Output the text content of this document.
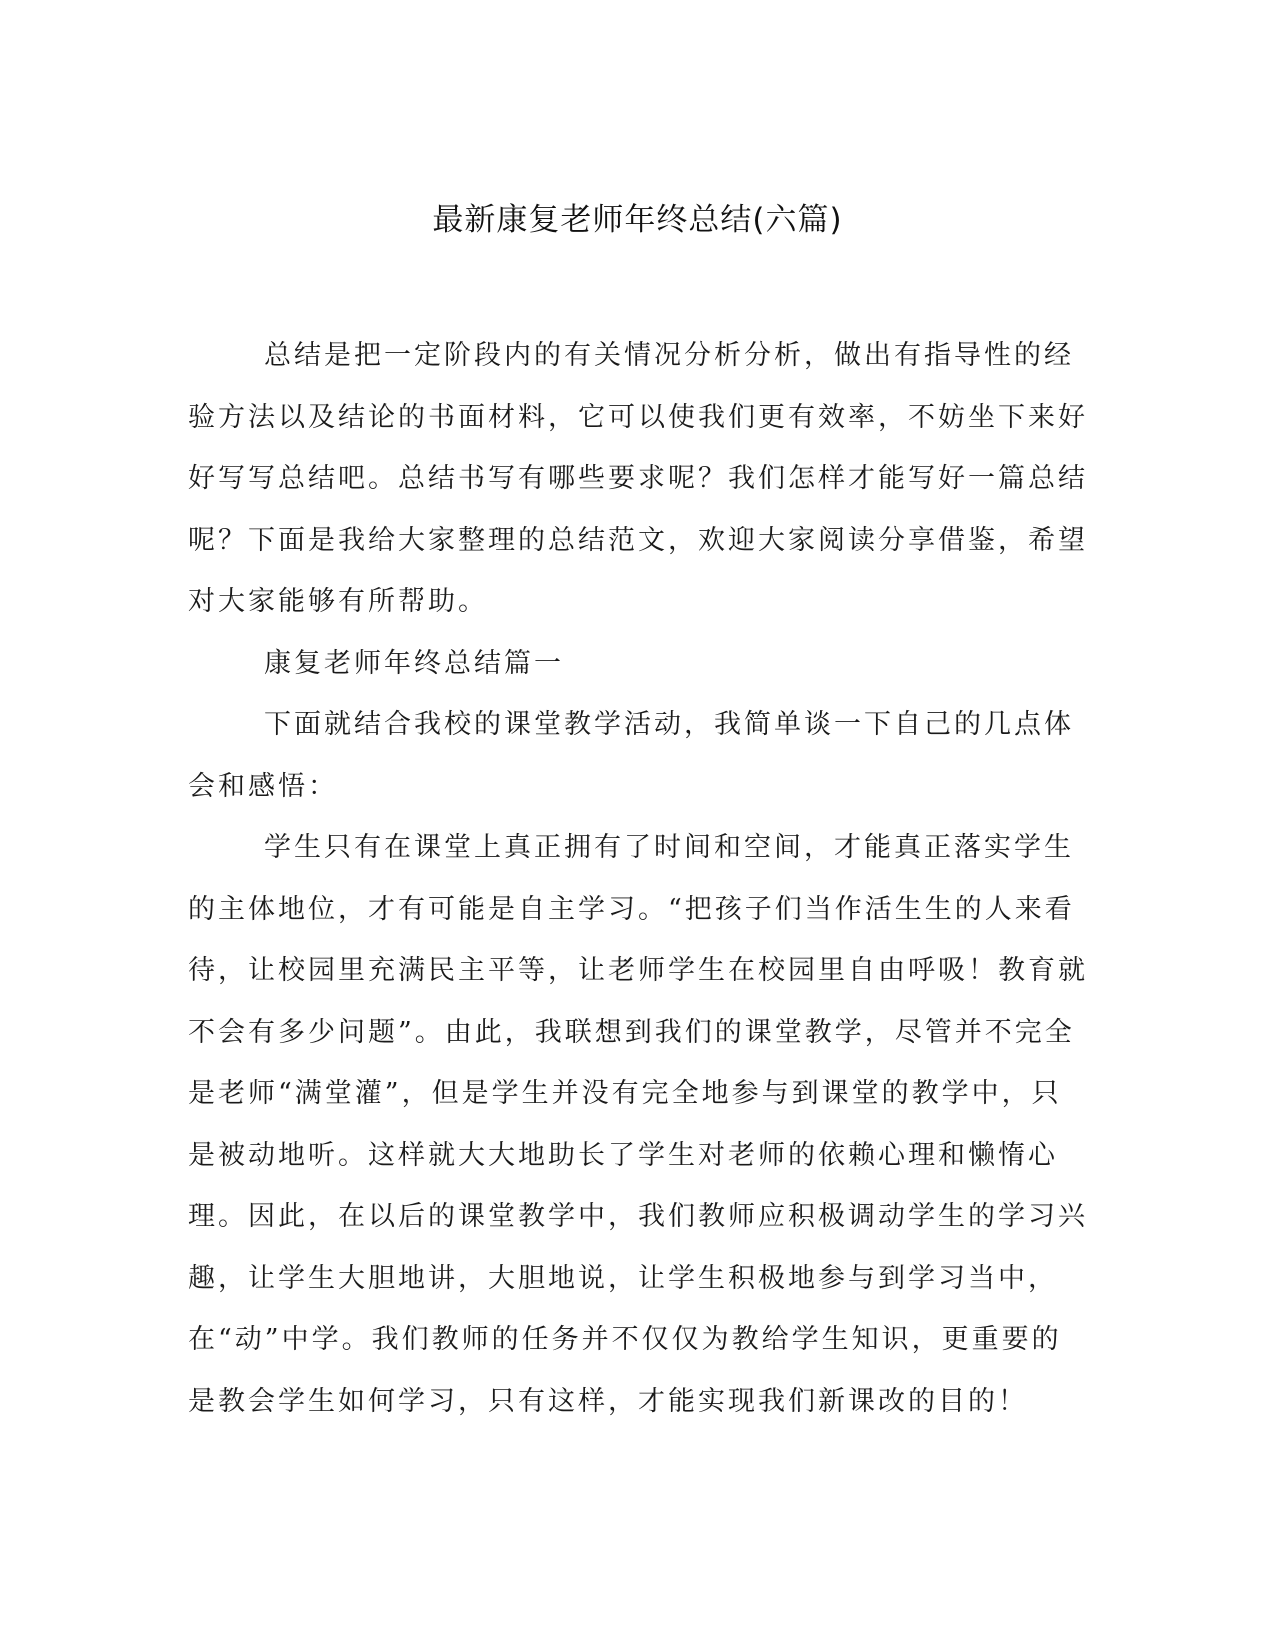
最新康复老师年终总结(六篇)

总结是把一定阶段内的有关情况分析分析，做出有指导性的经验方法以及结论的书面材料，它可以使我们更有效率，不妨坐下来好好写写总结吧。总结书写有哪些要求呢？我们怎样才能写好一篇总结呢？下面是我给大家整理的总结范文，欢迎大家阅读分享借鉴，希望对大家能够有所帮助。

康复老师年终总结篇一

下面就结合我校的课堂教学活动，我简单谈一下自己的几点体会和感悟：

学生只有在课堂上真正拥有了时间和空间，才能真正落实学生的主体地位，才有可能是自主学习。“把孩子们当作活生生的人来看待，让校园里充满民主平等，让老师学生在校园里自由呼吸！教育就不会有多少问题”。由此，我联想到我们的课堂教学，尽管并不完全是老师“满堂灌”，但是学生并没有完全地参与到课堂的教学中，只是被动地听。这样就大大地助长了学生对老师的依赖心理和懒惰心理。因此，在以后的课堂教学中，我们教师应积极调动学生的学习兴趣，让学生大胆地讲，大胆地说，让学生积极地参与到学习当中，在“动”中学。我们教师的任务并不仅仅为教给学生知识，更重要的是教会学生如何学习，只有这样，才能实现我们新课改的目的！
